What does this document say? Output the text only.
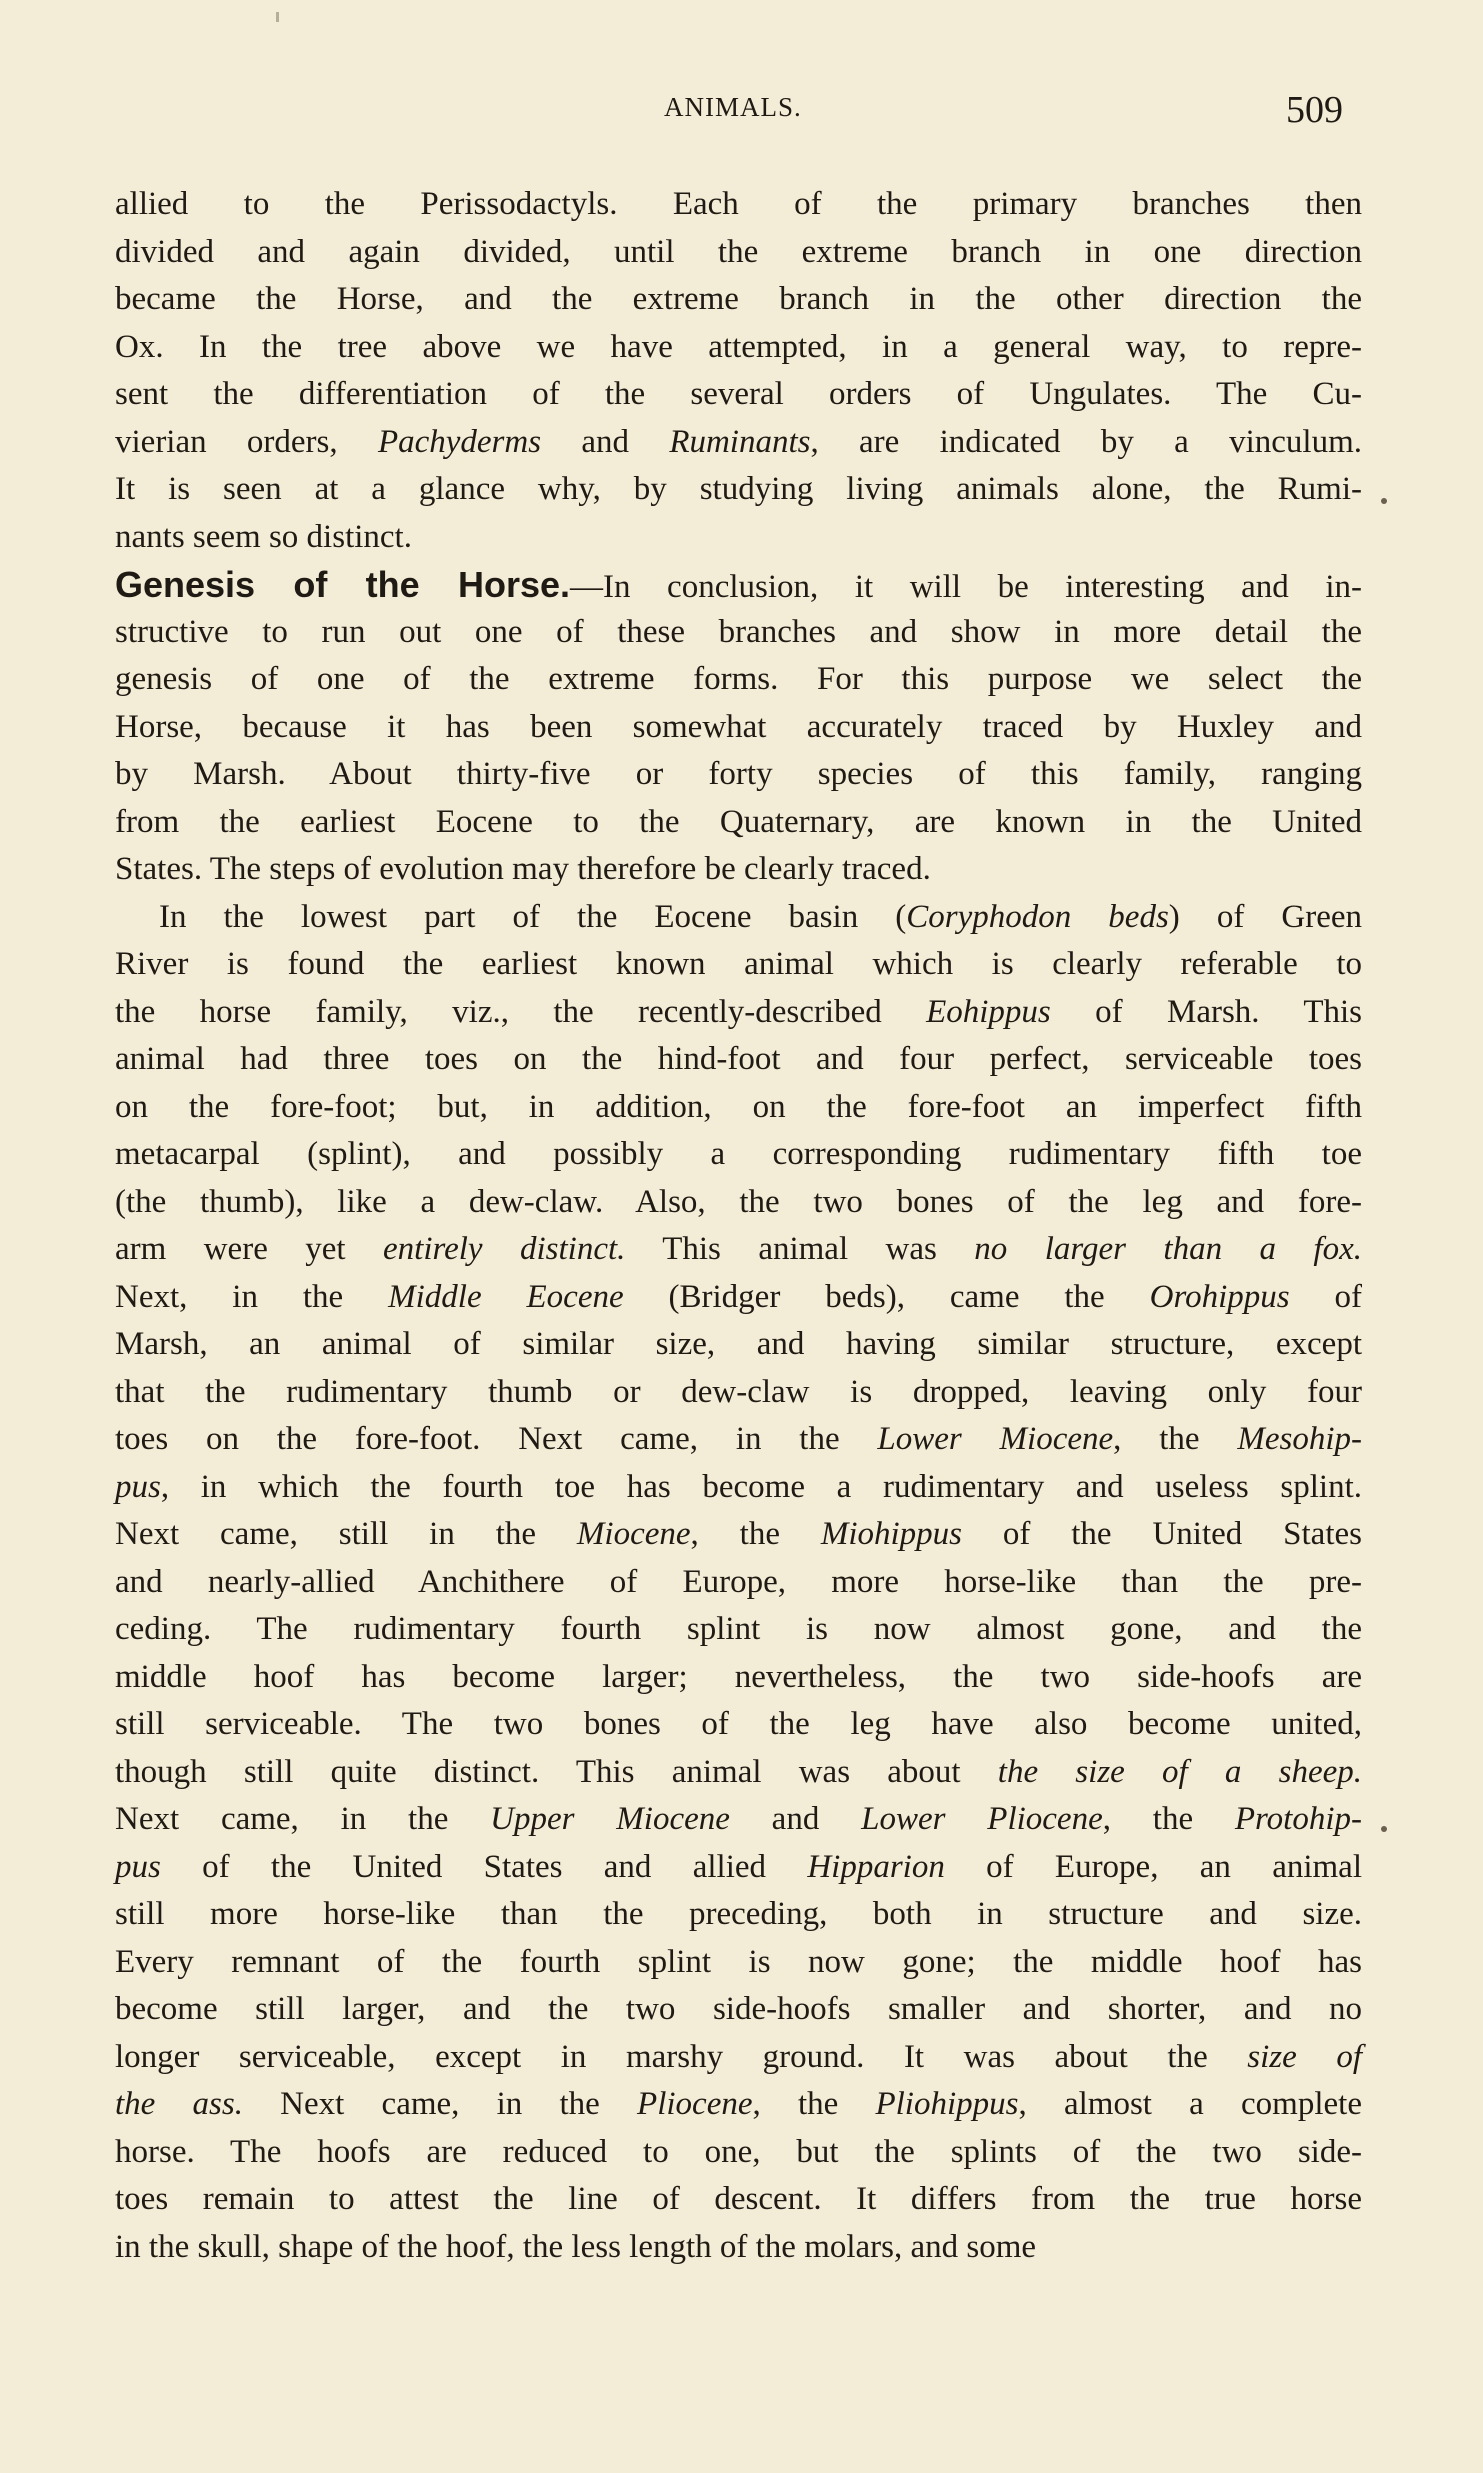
ANIMALS.	509
allied to the Perissodactyls. Each of the primary branches then
divided and again divided, until the extreme branch in one direction
became the Horse, and the extreme branch in the other direction the
Ox. In the tree above we have attempted, in a general way, to repre-
sent the differentiation of the several orders of Ungulates. The Cu-
vierian orders, Pachyderms and Ruminants, are indicated by a vinculum.
It is seen at a glance why, by studying living animals alone, the Rumi-
nants seem so distinct.
Genesis of the Horse.—In conclusion, it will be interesting and in-
structive to run out one of these branches and show in more detail the
genesis of one of the extreme forms. For this purpose we select the
Horse, because it has been somewhat accurately traced by Huxley and
by Marsh. About thirty-five or forty species of this family, ranging
from the earliest Eocene to the Quaternary, are known in the United
States. The steps of evolution may therefore be clearly traced.
In the lowest part of the Eocene basin (Coryphodon beds) of Green
River is found the earliest known animal which is clearly referable to
the horse family, viz., the recently-described Eohippus of Marsh. This
animal had three toes on the hind-foot and four perfect, serviceable toes
on the fore-foot; but, in addition, on the fore-foot an imperfect fifth
metacarpal (splint), and possibly a corresponding rudimentary fifth toe
(the thumb), like a dew-claw. Also, the two bones of the leg and fore-
arm were yet entirely distinct. This animal was no larger than a fox.
Next, in the Middle Eocene (Bridger beds), came the Orohippus of
Marsh, an animal of similar size, and having similar structure, except
that the rudimentary thumb or dew-claw is dropped, leaving only four
toes on the fore-foot. Next came, in the Lower Miocene, the Mesohip-
pus, in which the fourth toe has become a rudimentary and useless splint.
Next came, still in the Miocene, the Miohippus of the United States
and nearly-allied Anchithere of Europe, more horse-like than the pre-
ceding. The rudimentary fourth splint is now almost gone, and the
middle hoof has become larger; nevertheless, the two side-hoofs are
still serviceable. The two bones of the leg have also become united,
though still quite distinct. This animal was about the size of a sheep.
Next came, in the Upper Miocene and Lower Pliocene, the Protohip-
pus of the United States and allied Hipparion of Europe, an animal
still more horse-like than the preceding, both in structure and size.
Every remnant of the fourth splint is now gone; the middle hoof has
become still larger, and the two side-hoofs smaller and shorter, and no
longer serviceable, except in marshy ground. It was about the size of
the ass. Next came, in the Pliocene, the Pliohippus, almost a complete
horse. The hoofs are reduced to one, but the splints of the two side-
toes remain to attest the line of descent. It differs from the true horse
in the skull, shape of the hoof, the less length of the molars, and some
